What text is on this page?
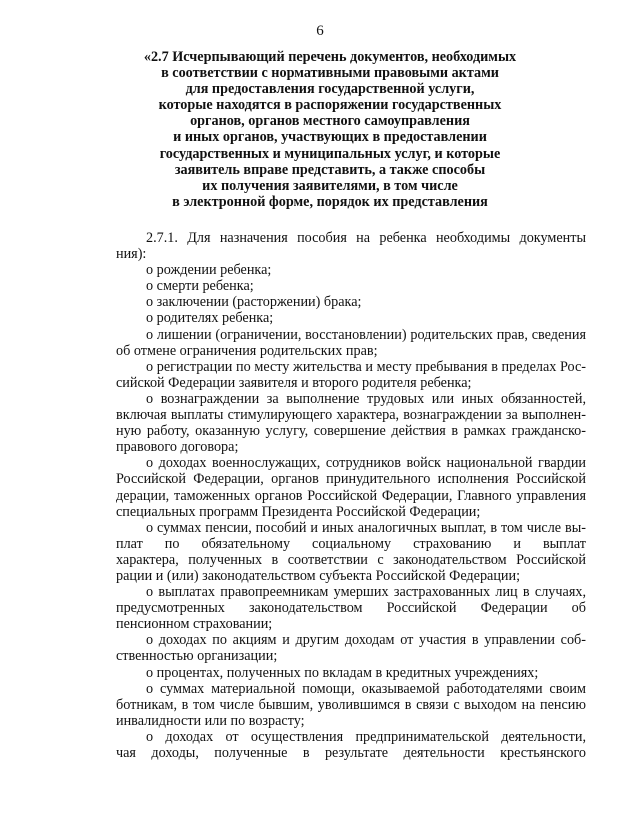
6
«2.7 Исчерпывающий перечень документов, необходимых
в соответствии с нормативными правовыми актами
для предоставления государственной услуги,
которые находятся в распоряжении государственных
органов, органов местного самоуправления
и иных органов, участвующих в предоставлении
государственных и муниципальных услуг, и которые
заявитель вправе представить, а также способы
их получения заявителями, в том числе
в электронной форме, порядок их представления
2.7.1. Для назначения пособия на ребенка необходимы документы
ния):
о рождении ребенка;
о смерти ребенка;
о заключении (расторжении) брака;
о родителях ребенка;
о лишении (ограничении, восстановлении) родительских прав, сведения
об отмене ограничения родительских прав;
о регистрации по месту жительства и месту пребывания в пределах Рос-
сийской Федерации заявителя и второго родителя ребенка;
о вознаграждении за выполнение трудовых или иных обязанностей,
включая выплаты стимулирующего характера, вознаграждении за выполнен-
ную работу, оказанную услугу, совершение действия в рамках гражданско-
правового договора;
о доходах военнослужащих, сотрудников войск национальной гвардии
Российской Федерации, органов принудительного исполнения Российской
дерации, таможенных органов Российской Федерации, Главного управления
специальных программ Президента Российской Федерации;
о суммах пенсии, пособий и иных аналогичных выплат, в том числе вы-
плат по обязательному социальному страхованию и выплат
характера, полученных в соответствии с законодательством Российской
рации и (или) законодательством субъекта Российской Федерации;
о выплатах правопреемникам умерших застрахованных лиц в случаях,
предусмотренных законодательством Российской Федерации об
пенсионном страховании;
о доходах по акциям и другим доходам от участия в управлении соб-
ственностью организации;
о процентах, полученных по вкладам в кредитных учреждениях;
о суммах материальной помощи, оказываемой работодателями своим
ботникам, в том числе бывшим, уволившимся в связи с выходом на пенсию
инвалидности или по возрасту;
о доходах от осуществления предпринимательской деятельности,
чая доходы, полученные в результате деятельности крестьянского
